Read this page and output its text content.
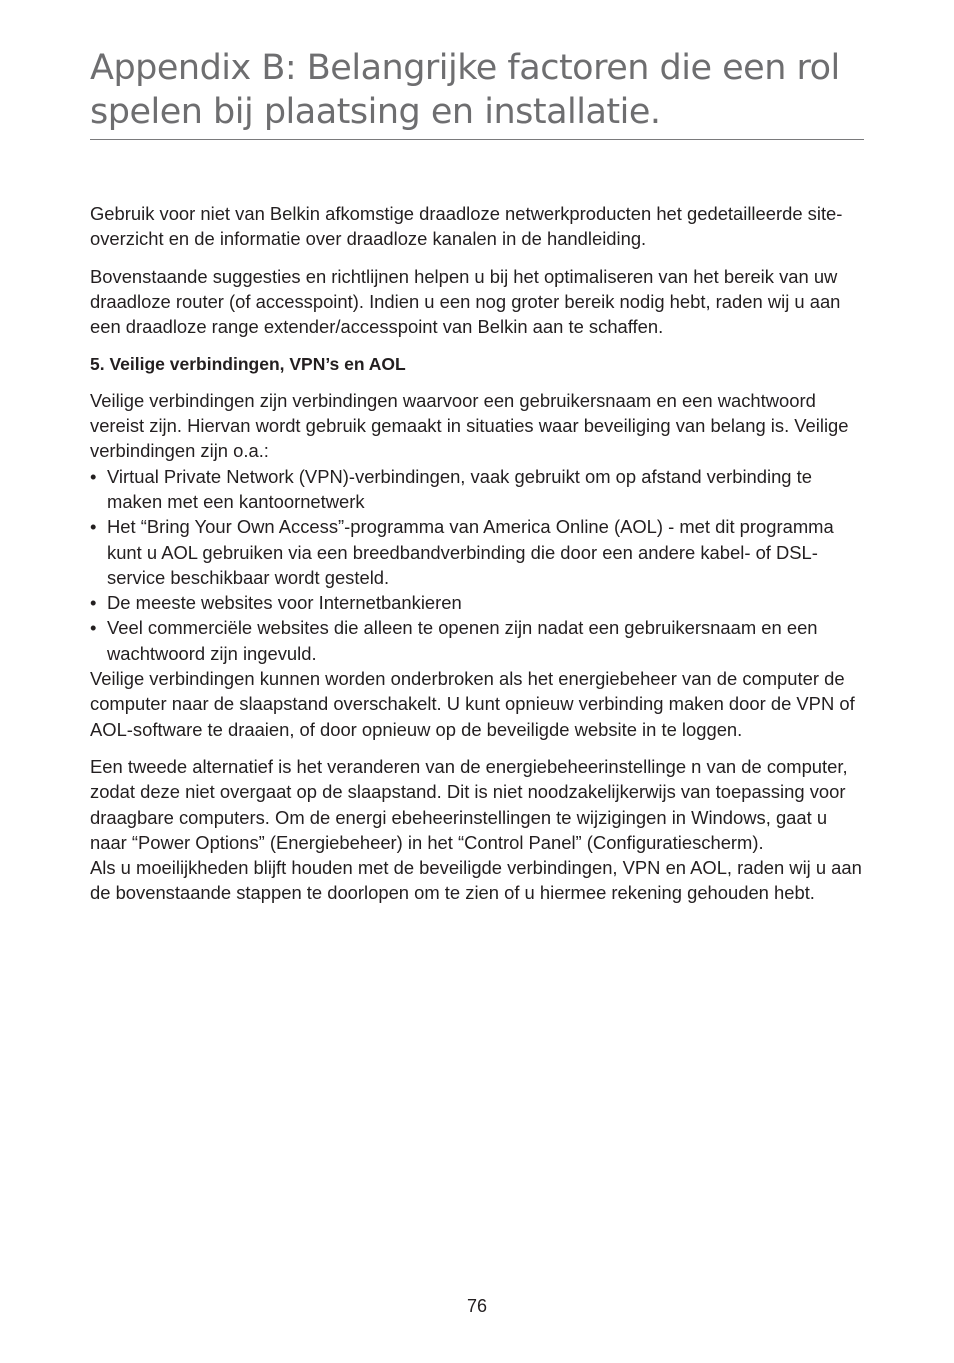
Appendix B: Belangrijke factoren die een rol spelen bij plaatsing en installatie.

Gebruik voor niet van Belkin afkomstige draadloze netwerkproducten het gedetailleerde site-overzicht en de informatie over draadloze kanalen in de handleiding.

Bovenstaande suggesties en richtlijnen helpen u bij het optimaliseren van het bereik van uw draadloze router (of accesspoint). Indien u een nog groter bereik nodig hebt, raden wij u aan een draadloze range extender/accesspoint van Belkin aan te schaffen.

5. Veilige verbindingen, VPN’s en AOL

Veilige verbindingen zijn verbindingen waarvoor een gebruikersnaam en een wachtwoord vereist zijn. Hiervan wordt gebruik gemaakt in situaties waar beveiliging van belang is. Veilige verbindingen zijn o.a.:

• Virtual Private Network (VPN)-verbindingen, vaak gebruikt om op afstand verbinding te maken met een kantoornetwerk
• Het “Bring Your Own Access”-programma van America Online (AOL) - met dit programma kunt u AOL gebruiken via een breedbandverbinding die door een andere kabel- of DSL-service beschikbaar wordt gesteld.
• De meeste websites voor Internetbankieren
• Veel commerciële websites die alleen te openen zijn nadat een gebruikersnaam en een wachtwoord zijn ingevuld.

Veilige verbindingen kunnen worden onderbroken als het energiebeheer van de computer de computer naar de slaapstand overschakelt. U kunt opnieuw verbinding maken door de VPN of AOL-software te draaien, of door opnieuw op de beveiligde website in te loggen.

Een tweede alternatief is het veranderen van de energiebeheerinstellinge n van de computer, zodat deze niet overgaat op de slaapstand. Dit is niet noodzakelijkerwijs van toepassing voor draagbare computers. Om de energi ebeheerinstellingen te wijzigingen in Windows, gaat u naar “Power Options” (Energiebeheer) in het “Control Panel” (Configuratiescherm).

Als u moeilijkheden blijft houden met de beveiligde verbindingen, VPN en AOL, raden wij u aan de bovenstaande stappen te doorlopen om te zien of u hiermee rekening gehouden hebt.

76
